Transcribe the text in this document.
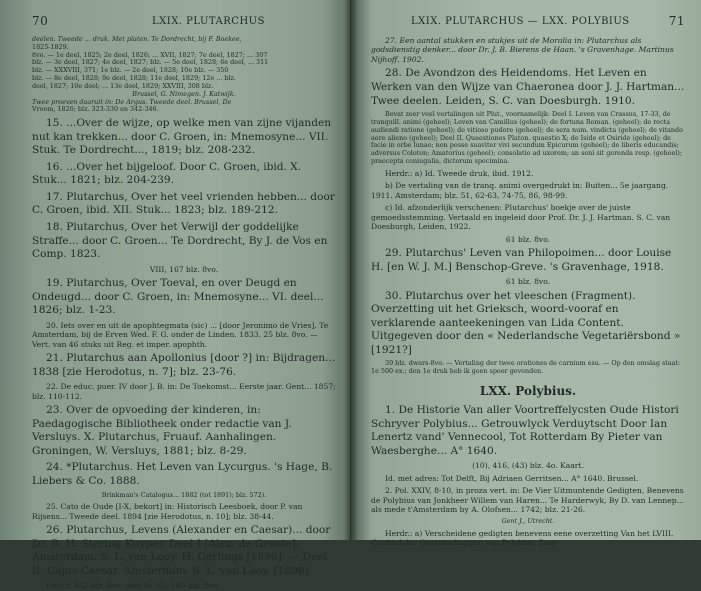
70	LXIX. PLUTARCHUS
deelen. Tweede ... druk. Met platen. Te Dordrecht, bij F. Boekee,
1825-1829.
8vo. — 1e deel, 1825; 2e deel, 1826; ... XVII, 1827; 7e deel, 1827; ... 307
blz. — 3e deel, 1827; 4e deel, 1827; blz. — 5e deel, 1828; 6e deel, ... 311
blz. — XXXVIII, 371; 1e blz. — 2e deel, 1828; 10e blz. — 350
blz. — 8e deel, 1828; 9e deel, 1828; 11e deel, 1829; 12e ... blz.
deel, 1827; 10e deel; ... 13e deel, 1829; XXVIII, 308 blz.
Brussel, G. Nimegen. J. Katwijk.
Twee proeven daaruit in: De Argus. Tweede deel. Brussel, De
Vroom, 1826; blz. 323-330 en 342-346.
15. ...Over de wijze, op welke men van zijne vijanden nut kan trekken... door C. Groen, in: Mnemosyne... VII. Stuk. Te Dordrecht..., 1819; blz. 208-232.
16. ...Over het bijgeloof. Door C. Groen, ibid. X. Stuk... 1821; blz. 204-239.
17. Plutarchus, Over het veel vrienden hebben... door C. Groen, ibid. XII. Stuk... 1823; blz. 189-212.
18. Plutarchus, Over het Verwijl der goddelijke Straffe... door C. Groen... Te Dordrecht, By J. de Vos en Comp. 1823.
VIII, 167 blz. 8vo.
19. Plutarchus, Over Toeval, en over Deugd en Ondeugd... door C. Groen, in: Mnemosyne... VI. deel... 1826; blz. 1-23.
20. Iets over en uit de apophtegmata (sic) ... [door Jeronimo de Vries]. Te Amsterdam, bij de Erven Wed. F. G. onder de Linden. 1833. 25 blz. 8vo. — Vert. van 46 stuks uit Reg. et imper. apophth.
21. Plutarchus aan Apollonius [door ?] in: Bijdragen... 1838 [zie Herodotus, n. 7]; blz. 23-76.
22. De educ. puer. IV door J. B. in: De Toekomst... Eerste jaar. Gent... 1857; blz. 110-112.
23. Over de opvoeding der kinderen, in: Paedagogische Bibliotheek onder redactie van J. Versluys. X. Plutarchus, Fruauf. Aanhalingen. Groningen, W. Versluys, 1881; blz. 8-29.
24. *Plutarchus. Het Leven van Lycurgus. 's Hage, B. Liebers & Co. 1888.
Brinkman's Catalogus... 1882 (tot 1891); blz. 572).
25. Cato de Oude [I-X, bekort] in: Historisch Leesboek, door P. van Rijsens... Tweede deel. 1894 [zie Herodotus, n. 10]; blz. 38-44.
26. Plutarchus, Levens (Alexander en Caesar)... door Dr. B. H. Stering Kuyper. Deel I [Alex. de Groote]. Amsterdam. S. L. van Looy. H. Gerlings [1896]. — Deel II. Gajus Caesar. Amsterdam. S. L. van Looy. [1898].
Deel I: 132 blz. 8vo; deel II: (6), 160 blz. 8vo.
LXIX. PLUTARCHUS — LXX. POLYBIUS	71
27. Een aantal stukken en stukjes uit de Moralia in: Plutarchus als godsdienstig denker... door Dr. J. B. Bierens de Haan. 's Gravenhage. Martinus Nijhoff. 1902.
28. De Avondzon des Heidendoms. Het Leven en Werken van den Wijze van Chaeronea door J. J. Hartman... Twee deelen. Leiden, S. C. van Doesburgh. 1910.
Bevat zeer veel vertalingen uit Plut., voornamelijk: Deel I. Leven van Crassus, 17-33, de tranquill. animi (geheel); Leven van Camillus (geheel); de fortuna Roman. (geheel); de recta audiendi ratione (geheel); de vitioso pudore (geheel); de sera num. vindicta (geheel); de vitando aere alieno (geheel); Deel II. Quaestiones Platon. quaestio X; de Iside et Osiride (geheel); de facie in orbe lunae; non posse suaviter vivi secundum Epicurum (geheel); de liberis educandis; adversus Coloten; Amatorius (geheel); consolatio ad uxorem; an seni sit gerenda resp. (geheel); praecepta coniugalia, dictorum specimina.
Herdr.: a) Id. Tweede druk, ibid. 1912.
b) De vertaling van de tranq. animi overgedrukt in: Buiten... 5e jaargang. 1911. Amsterdam; blz. 51, 62-63, 74-75, 86, 98-99.
c) Id. afzonderlijk verschenen: Plutarchus' boekje over de juiste gemoedsstemming. Vertaald en ingeleid door Prof. Dr. J. J. Hartman. S. C. van Doesburgh, Leiden, 1922.
61 blz. 8vo.
29. Plutarchus' Leven van Philopoimen... door Louise H. [en W. J. M.] Benschop-Greve. 's Gravenhage, 1918.
61 blz. 8vo.
30. Plutarchus over het vleeschen (Fragment). Overzetting uit het Grieksch, woord-vooraf en verklarende aanteekeningen van Lida Content. Uitgegeven door den « Nederlandsche Vegetariërsbond » [1921?]
39 blz. dwars-8vo. — Vertaling der twee orationes de carnium esu. — Op den omslag staat: 1e 500 ex.; den 1e druk heb ik geen spoor gevonden.
LXX. Polybius.
1. De Historie Van aller Voortreffelycsten Oude Histori Schryver Polybius... Getrouwlyck Verduytscht Door Ian Lenertz vand' Vennecool, Tot Rotterdam By Pieter van Waesberghe... A° 1640.
(10), 416, (43) blz. 4o. Kaart.
Id. met adres: Tot Delft, Bij Adriaen Gerritsen... A° 1640. Brussel.
2. Pol. XXIV, 8-10, in proza vert. in: De Vier Uitmuntende Gedigten, Benevens de Polybius van Jonkheer Willem van Haren... Te Harderwyk, By D. van Lennep... als mede t'Amsterdam by A. Olofsen... 1742; blz. 21-26.
Gent J., Utrecht.
Herdr.: a) Verscheidene gedigten benevens eene overzetting Van het LVIII. Capittel der Gezantschappen van Polybius. Door
